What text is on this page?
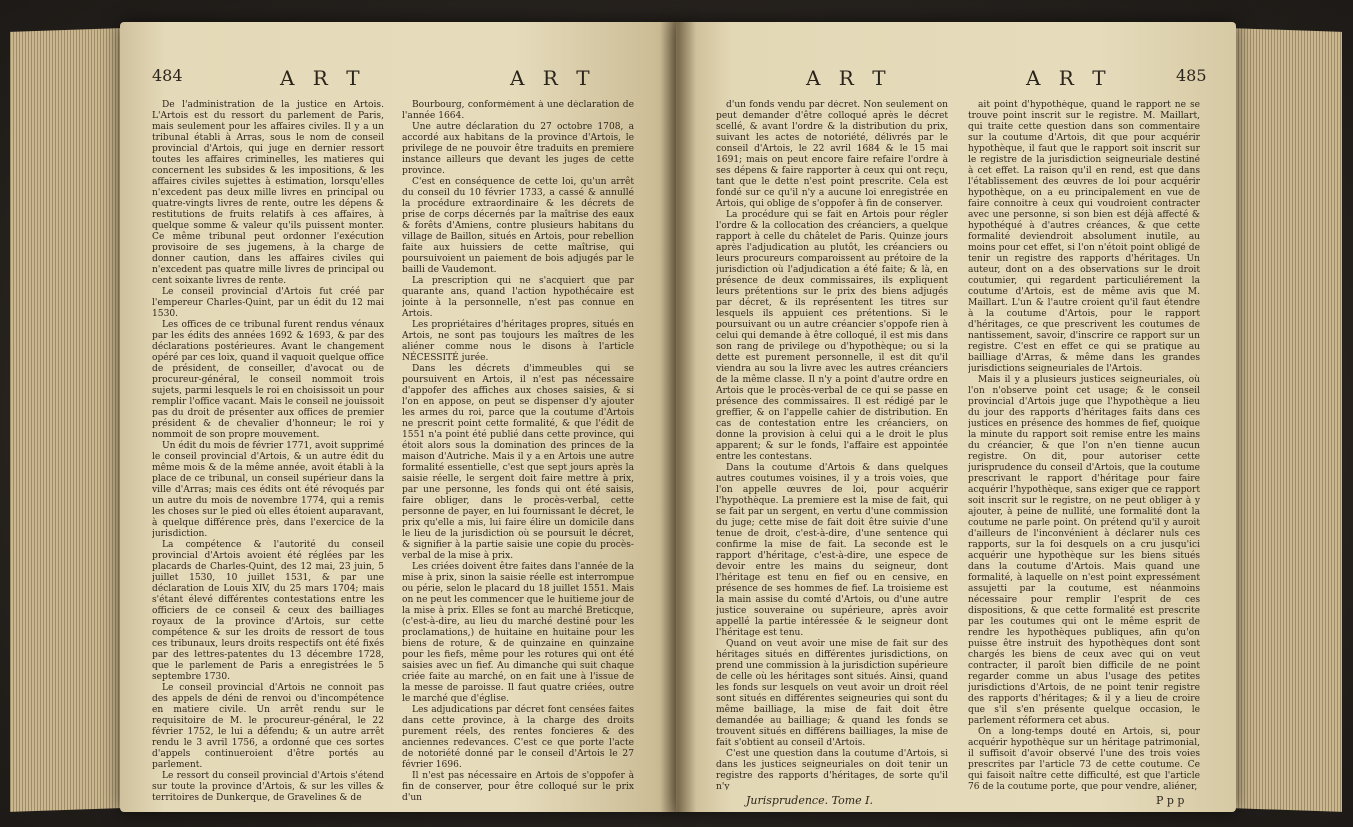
484	A R T	A R T

De l'administration de la justice en Artois. L'Artois est du ressort du parlement de Paris, mais seulement pour les affaires civiles. Il y a un tribunal établi à Arras, sous le nom de conseil provincial d'Artois, qui juge en dernier ressort toutes les affaires criminelles, les matieres qui concernent les subsides & les impositions, & les affaires civiles sujettes à estimation, lorsqu'elles n'excedent pas deux mille livres en principal ou quatre-vingts livres de rente, outre les dépens & restitutions de fruits relatifs à ces affaires, à quelque somme & valeur qu'ils puissent monter. Ce même tribunal peut ordonner l'exécution provisoire de ses jugemens, à la charge de donner caution, dans les affaires civiles qui n'excedent pas quatre mille livres de principal ou cent soixante livres de rente.

Le conseil provincial d'Artois fut créé par l'empereur Charles-Quint, par un édit du 12 mai 1530.

Les offices de ce tribunal furent rendus vénaux par les édits des années 1692 & 1693, & par des déclarations postérieures. Avant le changement opéré par ces loix, quand il vaquoit quelque office de président, de conseiller, d'avocat ou de procureur-général, le conseil nommoit trois sujets, parmi lesquels le roi en choisissoit un pour remplir l'office vacant. Mais le conseil ne jouissoit pas du droit de présenter aux offices de premier président & de chevalier d'honneur; le roi y nommoit de son propre mouvement.

Un édit du mois de février 1771, avoit supprimé le conseil provincial d'Artois, & un autre édit du même mois & de la même année, avoit établi à la place de ce tribunal, un conseil supérieur dans la ville d'Arras; mais ces édits ont été révoqués par un autre du mois de novembre 1774, qui a remis les choses sur le pied où elles étoient auparavant, à quelque différence près, dans l'exercice de la jurisdiction.

La compétence & l'autorité du conseil provincial d'Artois avoient été réglées par les placards de Charles-Quint, des 12 mai, 23 juin, 5 juillet 1530, 10 juillet 1531, & par une déclaration de Louis XIV, du 25 mars 1704; mais s'étant élevé différentes contestations entre les officiers de ce conseil & ceux des bailliages royaux de la province d'Artois, sur cette compétence & sur les droits de ressort de tous ces tribunaux, leurs droits respectifs ont été fixés par des lettres-patentes du 13 décembre 1728, que le parlement de Paris a enregistrées le 5 septembre 1730.

Le conseil provincial d'Artois ne connoit pas des appels de déni de renvoi ou d'incompétence en matiere civile. Un arrêt rendu sur le requisitoire de M. le procureur-général, le 22 février 1752, le lui a défendu; & un autre arrêt rendu le 3 avril 1756, a ordonné que ces sortes d'appels continueroient d'être portés au parlement.

Le ressort du conseil provincial d'Artois s'étend sur toute la province d'Artois, & sur les villes & territoires de Dunkerque, de Gravelines & de

Bourbourg, conformément à une déclaration de l'année 1664.

Une autre déclaration du 27 octobre 1708, a accordé aux habitans de la province d'Artois, le privilege de ne pouvoir être traduits en premiere instance ailleurs que devant les juges de cette province.

C'est en conséquence de cette loi, qu'un arrêt du conseil du 10 février 1733, a cassé & annullé la procédure extraordinaire & les décrets de prise de corps décernés par la maîtrise des eaux & forêts d'Amiens, contre plusieurs habitans du village de Baillon, situés en Artois, pour rebellion faite aux huissiers de cette maîtrise, qui poursuivoient un paiement de bois adjugés par le bailli de Vaudemont.

La prescription qui ne s'acquiert que par quarante ans, quand l'action hypothécaire est jointe à la personnelle, n'est pas connue en Artois.

Les propriétaires d'héritages propres, situés en Artois, ne sont pas toujours les maîtres de les aliéner comme nous le disons à l'article NÉCESSITÉ jurée.

Dans les décrets d'immeubles qui se poursuivent en Artois, il n'est pas nécessaire d'appofer des affiches aux choses saisies, & si l'on en appose, on peut se dispenser d'y ajouter les armes du roi, parce que la coutume d'Artois ne prescrit point cette formalité, & que l'édit de 1551 n'a point été publié dans cette province, qui étoit alors sous la domination des princes de la maison d'Autriche. Mais il y a en Artois une autre formalité essentielle, c'est que sept jours après la saisie réelle, le sergent doit faire mettre à prix, par une personne, les fonds qui ont été saisis, faire obliger, dans le procès-verbal, cette personne de payer, en lui fournissant le décret, le prix qu'elle a mis, lui faire élire un domicile dans le lieu de la jurisdiction où se poursuit le décret, & signifier à la partie saisie une copie du procès-verbal de la mise à prix.

Les criées doivent être faites dans l'année de la mise à prix, sinon la saisie réelle est interrompue ou périe, selon le placard du 18 juillet 1551. Mais on ne peut les commencer que le huitieme jour de la mise à prix. Elles se font au marché Breticque, (c'est-à-dire, au lieu du marché destiné pour les proclamations,) de huitaine en huitaine pour les biens de roture, & de quinzaine en quinzaine pour les fiefs, même pour les rotures qui ont été saisies avec un fief. Au dimanche qui suit chaque criée faite au marché, on en fait une à l'issue de la messe de paroisse. Il faut quatre criées, outre le marché que d'église.

Les adjudications par décret font censées faites dans cette province, à la charge des droits purement réels, des rentes foncieres & des anciennes redevances. C'est ce que porte l'acte de notoriété donné par le conseil d'Artois le 27 février 1696.

Il n'est pas nécessaire en Artois de s'oppofer à fin de conserver, pour être colloqué sur le prix d'un

A R T	A R T	485

d'un fonds vendu par décret. Non seulement on peut demander d'être colloqué après le décret scellé, & avant l'ordre & la distribution du prix, suivant les actes de notoriété, délivrés par le conseil d'Artois, le 22 avril 1684 & le 15 mai 1691; mais on peut encore faire refaire l'ordre à ses dépens & faire rapporter à ceux qui ont reçu, tant que le dette n'est point prescrite. Cela est fondé sur ce qu'il n'y a aucune loi enregistrée en Artois, qui oblige de s'oppofer à fin de conserver.

La procédure qui se fait en Artois pour régler l'ordre & la collocation des créanciers, a quelque rapport à celle du châtelet de Paris. Quinze jours après l'adjudication au plutôt, les créanciers ou leurs procureurs comparoissent au prétoire de la jurisdiction où l'adjudication a été faite; & là, en présence de deux commissaires, ils expliquent leurs prétentions sur le prix des biens adjugés par décret, & ils représentent les titres sur lesquels ils appuient ces prétentions. Si le poursuivant ou un autre créancier s'oppofe rien à celui qui demande à être colloqué, il est mis dans son rang de privilege ou d'hypothèque; ou si la dette est purement personnelle, il est dit qu'il viendra au sou la livre avec les autres créanciers de la même classe. Il n'y a point d'autre ordre en Artois que le procès-verbal de ce qui se passe en présence des commissaires. Il est rédigé par le greffier, & on l'appelle cahier de distribution. En cas de contestation entre les créanciers, on donne la provision à celui qui a le droit le plus apparent; & sur le fonds, l'affaire est appointée entre les contestans.

Dans la coutume d'Artois & dans quelques autres coutumes voisines, il y a trois voies, que l'on appelle œuvres de loi, pour acquérir l'hypothèque. La premiere est la mise de fait, qui se fait par un sergent, en vertu d'une commission du juge; cette mise de fait doit être suivie d'une tenue de droit, c'est-à-dire, d'une sentence qui confirme la mise de fait. La seconde est le rapport d'héritage, c'est-à-dire, une espece de devoir entre les mains du seigneur, dont l'héritage est tenu en fief ou en censive, en présence de ses hommes de fief. La troisieme est la main assise du comté d'Artois, ou d'une autre justice souveraine ou supérieure, après avoir appellé la partie intéressée & le seigneur dont l'héritage est tenu.

Quand on veut avoir une mise de fait sur des héritages situés en différentes jurisdictions, on prend une commission à la jurisdiction supérieure de celle où les héritages sont situés. Ainsi, quand les fonds sur lesquels on veut avoir un droit réel sont situés en différentes seigneuries qui sont du même bailliage, la mise de fait doit être demandée au bailliage; & quand les fonds se trouvent situés en différens bailliages, la mise de fait s'obtient au conseil d'Artois.

C'est une question dans la coutume d'Artois, si dans les justices seigneuriales on doit tenir un registre des rapports d'héritages, de sorte qu'il n'y

Jurisprudence. Tome I.

ait point d'hypothèque, quand le rapport ne se trouve point inscrit sur le registre. M. Maillart, qui traite cette question dans son commentaire sur la coutume d'Artois, dit que pour acquérir hypothèque, il faut que le rapport soit inscrit sur le registre de la jurisdiction seigneuriale destiné à cet effet. La raison qu'il en rend, est que dans l'établissement des œuvres de loi pour acquérir hypothèque, on a eu principalement en vue de faire connoitre à ceux qui voudroient contracter avec une personne, si son bien est déjà affecté & hypothéqué à d'autres créances, & que cette formalité deviendroit absolument inutile, au moins pour cet effet, si l'on n'étoit point obligé de tenir un registre des rapports d'héritages. Un auteur, dont on a des observations sur le droit coutumier, qui regardent particuliérement la coutume d'Artois, est de même avis que M. Maillart. L'un & l'autre croient qu'il faut étendre à la coutume d'Artois, pour le rapport d'héritages, ce que prescrivent les coutumes de nantissement, savoir, d'inscrire ce rapport sur un registre. C'est en effet ce qui se pratique au bailliage d'Arras, & même dans les grandes jurisdictions seigneuriales de l'Artois.

Mais il y a plusieurs justices seigneuriales, où l'on n'observe point cet usage; & le conseil provincial d'Artois juge que l'hypothèque a lieu du jour des rapports d'héritages faits dans ces justices en présence des hommes de fief, quoique la minute du rapport soit remise entre les mains du créancier, & que l'on n'en tienne aucun registre. On dit, pour autoriser cette jurisprudence du conseil d'Artois, que la coutume prescrivant le rapport d'héritage pour faire acquérir l'hypothèque, sans exiger que ce rapport soit inscrit sur le registre, on ne peut obliger à y ajouter, à peine de nullité, une formalité dont la coutume ne parle point. On prétend qu'il y auroit d'ailleurs de l'inconvénient à déclarer nuls ces rapports, sur la foi desquels on a cru jusqu'ici acquérir une hypothèque sur les biens situés dans la coutume d'Artois. Mais quand une formalité, à laquelle on n'est point expressément assujetti par la coutume, est néanmoins nécessaire pour remplir l'esprit de ces dispositions, & que cette formalité est prescrite par les coutumes qui ont le même esprit de rendre les hypothèques publiques, afin qu'on puisse être instruit des hypothèques dont sont chargés les biens de ceux avec qui on veut contracter, il paroît bien difficile de ne point regarder comme un abus l'usage des petites jurisdictions d'Artois, de ne point tenir registre des rapports d'héritages; & il y a lieu de croire que s'il s'en présente quelque occasion, le parlement réformera cet abus.

On a long-temps douté en Artois, si, pour acquérir hypothèque sur un héritage patrimonial, il suffisoit d'avoir observé l'une des trois voies prescrites par l'article 73 de cette coutume. Ce qui faisoit naître cette difficulté, est que l'article 76 de la coutume porte, que pour vendre, aliéner,

P p p
